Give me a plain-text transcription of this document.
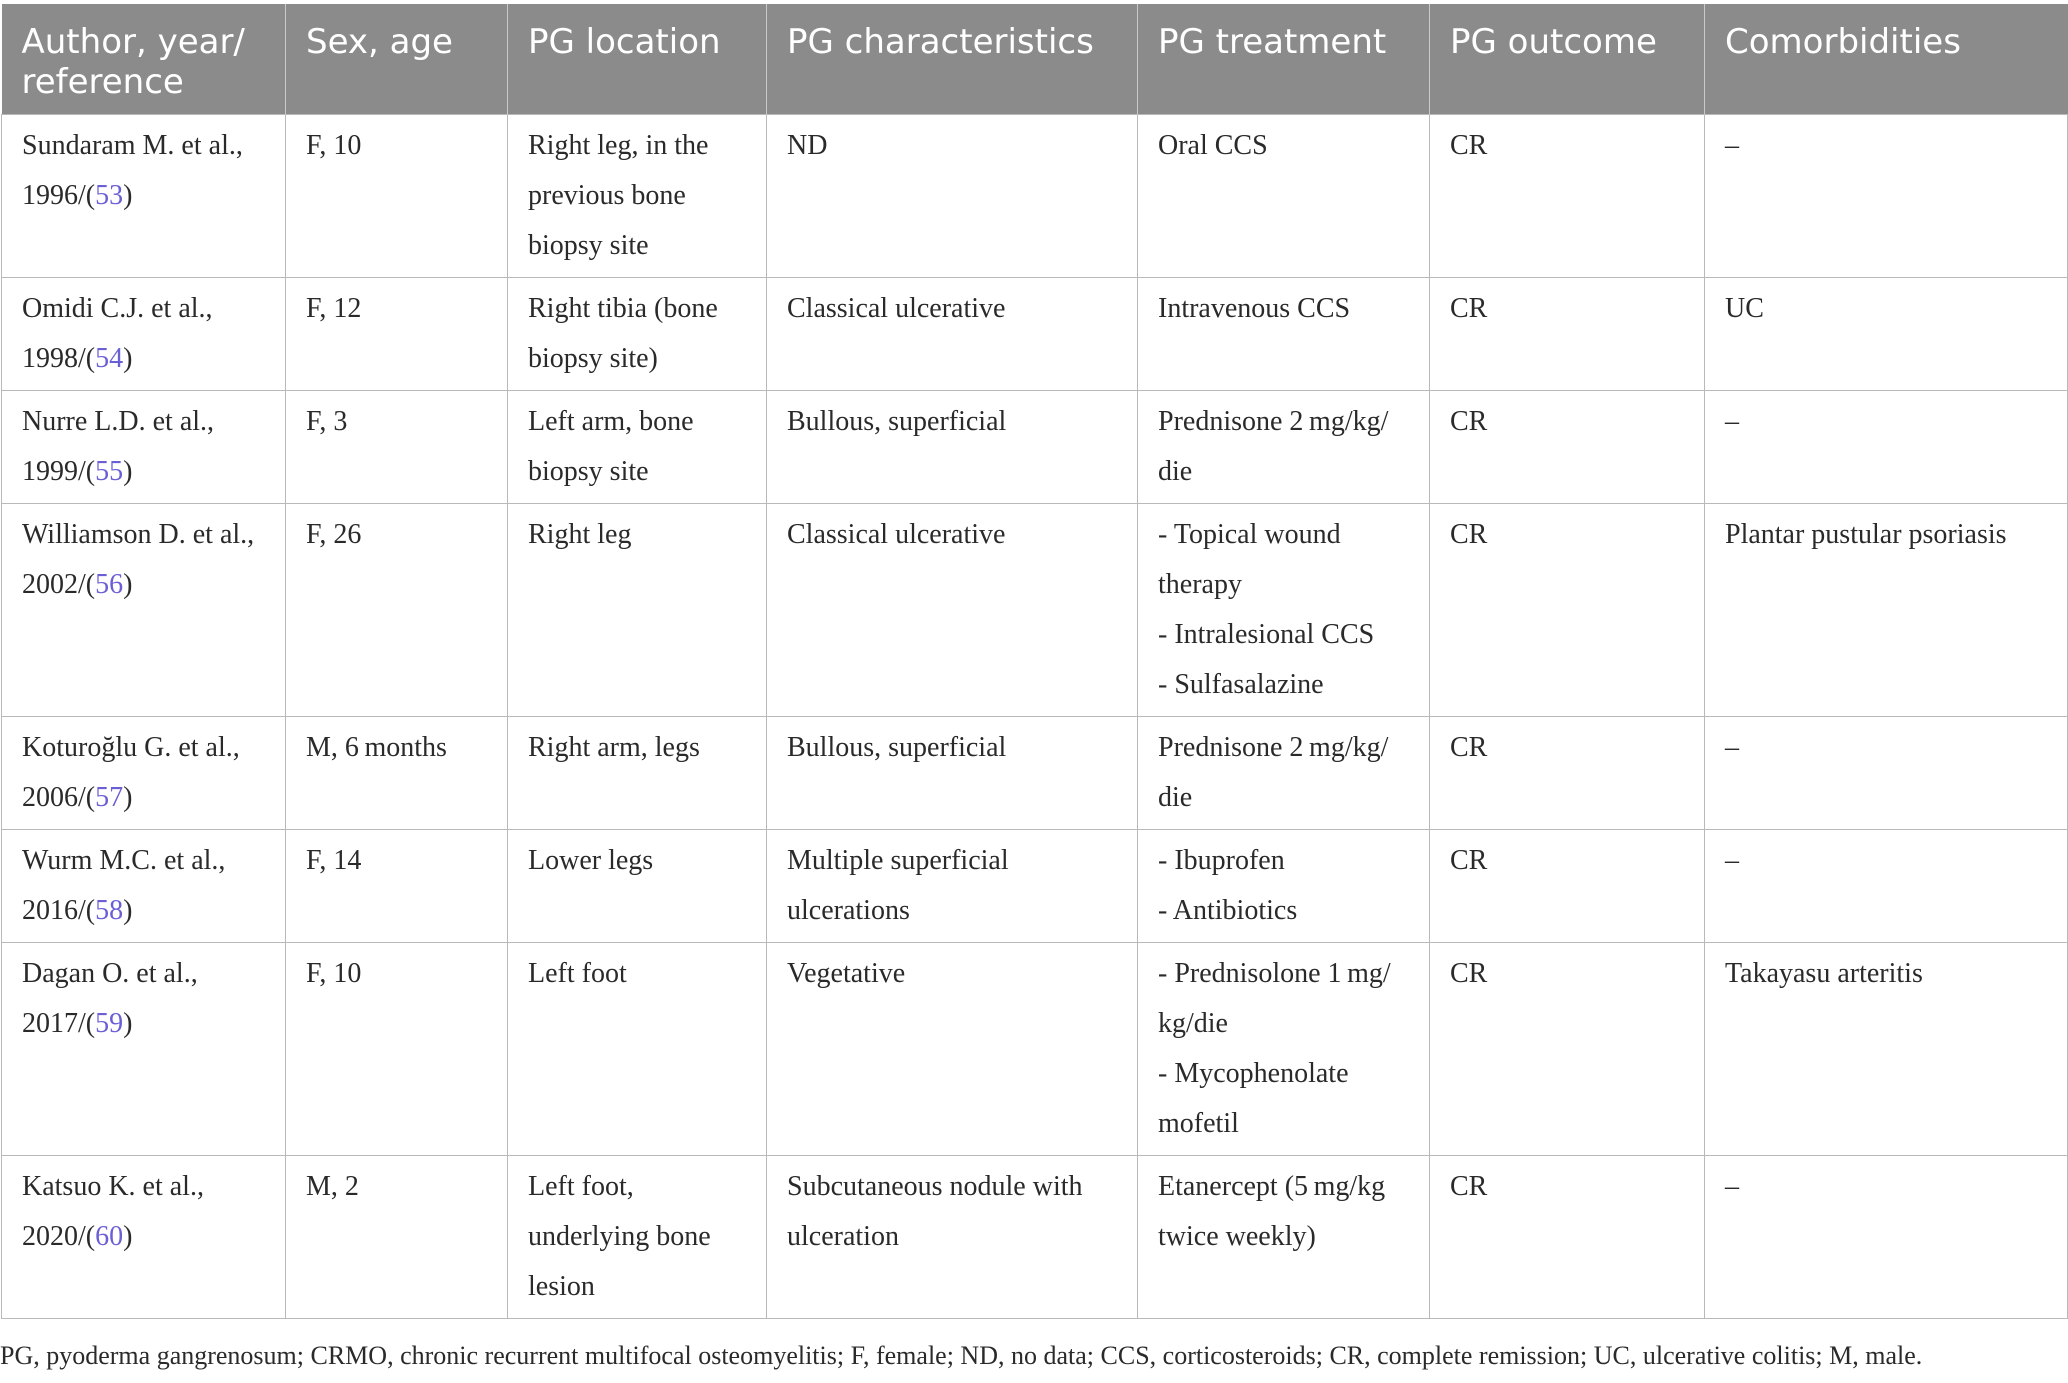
Author, year/
reference	Sex, age	PG location	PG characteristics	PG treatment	PG outcome	Comorbidities

Sundaram M. et al.,
1996/(53)	F, 10	Right leg, in the previous bone biopsy site	ND	Oral CCS	CR	–

Omidi C.J. et al.,
1998/(54)	F, 12	Right tibia (bone biopsy site)	Classical ulcerative	Intravenous CCS	CR	UC

Nurre L.D. et al.,
1999/(55)	F, 3	Left arm, bone biopsy site	Bullous, superficial	Prednisone 2 mg/kg/ die	CR	–

Williamson D. et al.,
2002/(56)	F, 26	Right leg	Classical ulcerative	- Topical wound therapy
- Intralesional CCS
- Sulfasalazine	CR	Plantar pustular psoriasis

Koturoğlu G. et al.,
2006/(57)	M, 6 months	Right arm, legs	Bullous, superficial	Prednisone 2 mg/kg/ die	CR	–

Wurm M.C. et al.,
2016/(58)	F, 14	Lower legs	Multiple superficial ulcerations	- Ibuprofen
- Antibiotics	CR	–

Dagan O. et al.,
2017/(59)	F, 10	Left foot	Vegetative	- Prednisolone 1 mg/ kg/die
- Mycophenolate mofetil	CR	Takayasu arteritis

Katsuo K. et al.,
2020/(60)	M, 2	Left foot, underlying bone lesion	Subcutaneous nodule with ulceration	Etanercept (5 mg/kg twice weekly)	CR	–
PG, pyoderma gangrenosum; CRMO, chronic recurrent multifocal osteomyelitis; F, female; ND, no data; CCS, corticosteroids; CR, complete remission; UC, ulcerative colitis; M, male.
